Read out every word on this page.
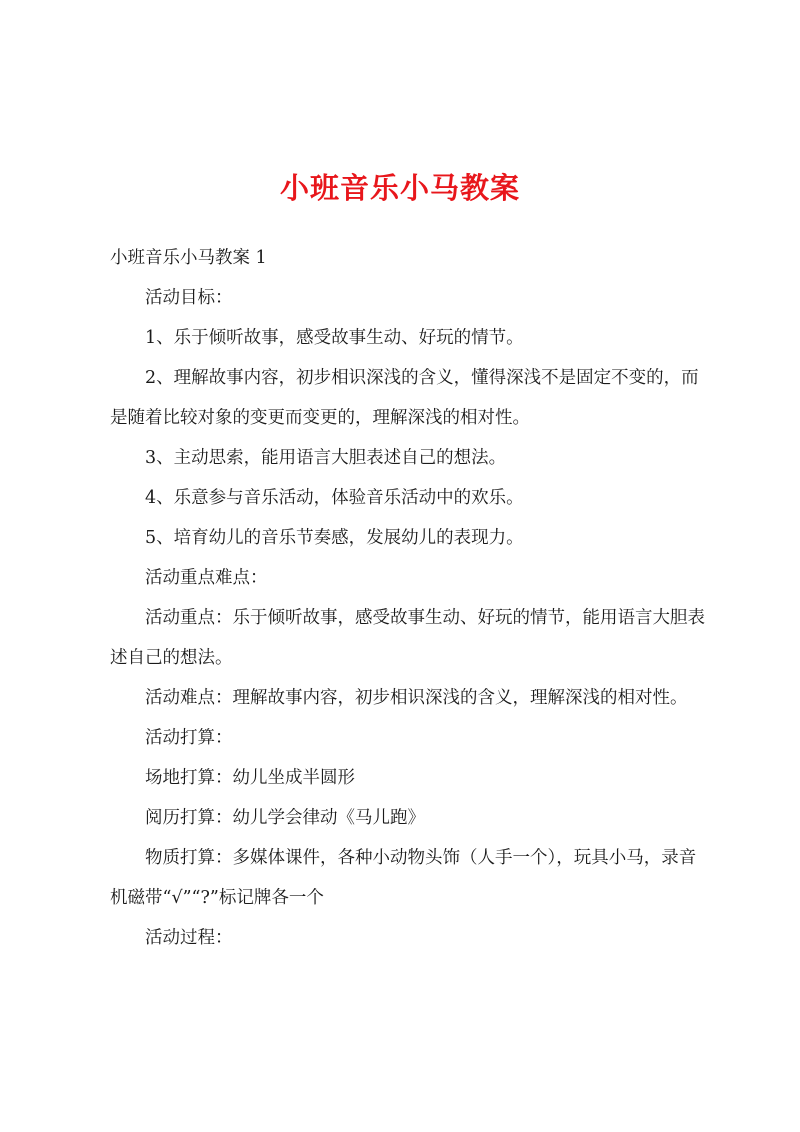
小班音乐小马教案

小班音乐小马教案 1

活动目标：

1、乐于倾听故事，感受故事生动、好玩的情节。

2、理解故事内容，初步相识深浅的含义，懂得深浅不是固定不变的，而是随着比较对象的变更而变更的，理解深浅的相对性。

3、主动思索，能用语言大胆表述自己的想法。

4、乐意参与音乐活动，体验音乐活动中的欢乐。

5、培育幼儿的音乐节奏感，发展幼儿的表现力。

活动重点难点：

活动重点：乐于倾听故事，感受故事生动、好玩的情节，能用语言大胆表述自己的想法。

活动难点：理解故事内容，初步相识深浅的含义，理解深浅的相对性。

活动打算：

场地打算：幼儿坐成半圆形

阅历打算：幼儿学会律动《马儿跑》

物质打算：多媒体课件，各种小动物头饰（人手一个），玩具小马，录音机磁带“√”“?”标记牌各一个

活动过程：
